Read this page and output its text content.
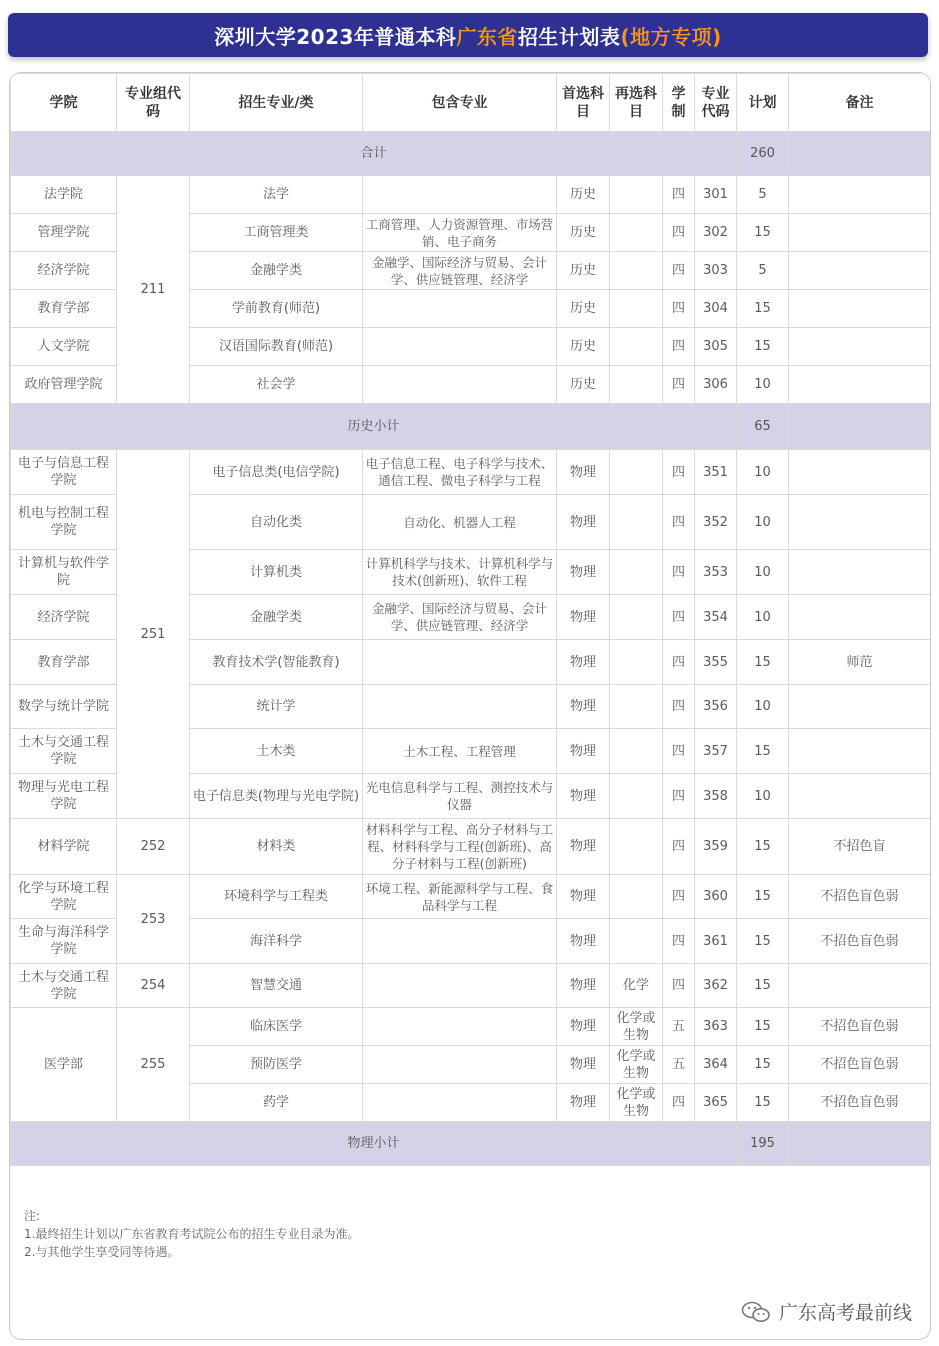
深圳大学2023年普通本科广东省招生计划表(地方专项)
学院	专业组代码	招生专业/类	包含专业	首选科目	再选科目	学制	专业代码	计划	备注
合计								260	
法学院	211	法学		历史		四	301	5	
管理学院		工商管理类	工商管理、人力资源管理、市场营销、电子商务	历史		四	302	15	
经济学院		金融学类	金融学、国际经济与贸易、会计学、供应链管理、经济学	历史		四	303	5	
教育学部		学前教育(师范)		历史		四	304	15	
人文学院		汉语国际教育(师范)		历史		四	305	15	
政府管理学院		社会学		历史		四	306	10	
历史小计								65	
电子与信息工程学院	251	电子信息类(电信学院)	电子信息工程、电子科学与技术、通信工程、微电子科学与工程	物理		四	351	10	
机电与控制工程学院		自动化类	自动化、机器人工程	物理		四	352	10	
计算机与软件学院		计算机类	计算机科学与技术、计算机科学与技术(创新班)、软件工程	物理		四	353	10	
经济学院		金融学类	金融学、国际经济与贸易、会计学、供应链管理、经济学	物理		四	354	10	
教育学部		教育技术学(智能教育)		物理		四	355	15	师范
数学与统计学院		统计学		物理		四	356	10	
土木与交通工程学院		土木类	土木工程、工程管理	物理		四	357	15	
物理与光电工程学院		电子信息类(物理与光电学院)	光电信息科学与工程、测控技术与仪器	物理		四	358	10	
材料学院	252	材料类	材料科学与工程、高分子材料与工程、材料科学与工程(创新班)、高分子材料与工程(创新班)	物理		四	359	15	不招色盲
化学与环境工程学院	253	环境科学与工程类	环境工程、新能源科学与工程、食品科学与工程	物理		四	360	15	不招色盲色弱
生命与海洋科学学院		海洋科学		物理		四	361	15	不招色盲色弱
土木与交通工程学院	254	智慧交通		物理	化学	四	362	15	
医学部	255	临床医学		物理	化学或生物	五	363	15	不招色盲色弱
		预防医学		物理	化学或生物	五	364	15	不招色盲色弱
		药学		物理	化学或生物	四	365	15	不招色盲色弱
物理小计								195	
注:
1.最终招生计划以广东省教育考试院公布的招生专业目录为准。
2.与其他学生享受同等待遇。
广东高考最前线
